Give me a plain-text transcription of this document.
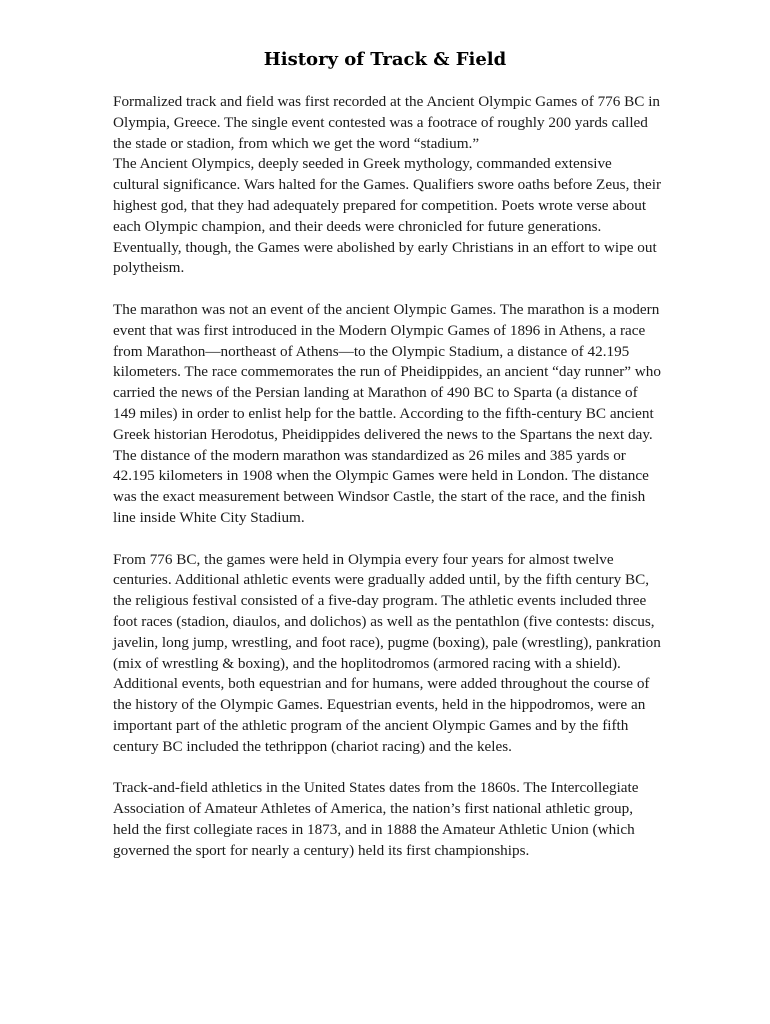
History of Track & Field

Formalized track and field was first recorded at the Ancient Olympic Games of 776 BC in Olympia, Greece. The single event contested was a footrace of roughly 200 yards called the stade or stadion, from which we get the word “stadium.”

The Ancient Olympics, deeply seeded in Greek mythology, commanded extensive cultural significance. Wars halted for the Games. Qualifiers swore oaths before Zeus, their highest god, that they had adequately prepared for competition. Poets wrote verse about each Olympic champion, and their deeds were chronicled for future generations. Eventually, though, the Games were abolished by early Christians in an effort to wipe out polytheism.

The marathon was not an event of the ancient Olympic Games. The marathon is a modern event that was first introduced in the Modern Olympic Games of 1896 in Athens, a race from Marathon—northeast of Athens—to the Olympic Stadium, a distance of 42.195 kilometers. The race commemorates the run of Pheidippides, an ancient “day runner” who carried the news of the Persian landing at Marathon of 490 BC to Sparta (a distance of 149 miles) in order to enlist help for the battle. According to the fifth-century BC ancient Greek historian Herodotus, Pheidippides delivered the news to the Spartans the next day. The distance of the modern marathon was standardized as 26 miles and 385 yards or 42.195 kilometers in 1908 when the Olympic Games were held in London. The distance was the exact measurement between Windsor Castle, the start of the race, and the finish line inside White City Stadium.

From 776 BC, the games were held in Olympia every four years for almost twelve centuries. Additional athletic events were gradually added until, by the fifth century BC, the religious festival consisted of a five-day program. The athletic events included three foot races (stadion, diaulos, and dolichos) as well as the pentathlon (five contests: discus, javelin, long jump, wrestling, and foot race), pugme (boxing), pale (wrestling), pankration (mix of wrestling & boxing), and the hoplitodromos (armored racing with a shield). Additional events, both equestrian and for humans, were added throughout the course of the history of the Olympic Games. Equestrian events, held in the hippodromos, were an important part of the athletic program of the ancient Olympic Games and by the fifth century BC included the tethrippon (chariot racing) and the keles.

Track-and-field athletics in the United States dates from the 1860s. The Intercollegiate Association of Amateur Athletes of America, the nation’s first national athletic group, held the first collegiate races in 1873, and in 1888 the Amateur Athletic Union (which governed the sport for nearly a century) held its first championships.
